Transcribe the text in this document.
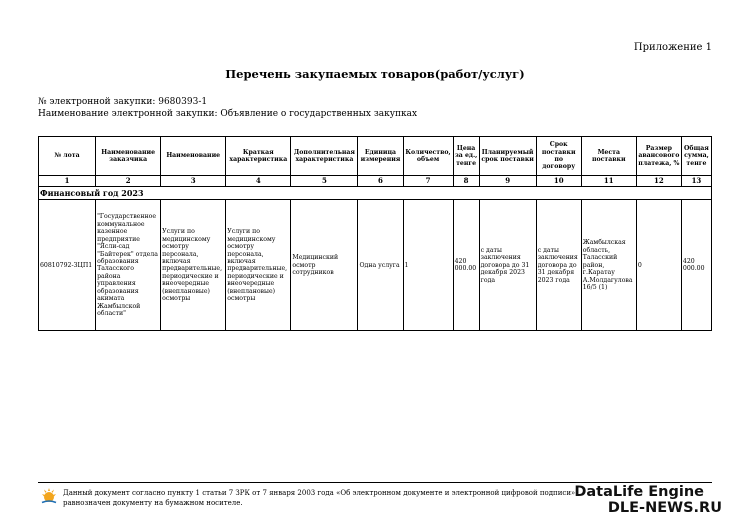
Приложение 1
Перечень закупаемых товаров(работ/услуг)
№ электронной закупки: 9680393-1
Наименование электронной закупки: Объявление о государственных закупках
№ лота	Наименование заказчика	Наименование	Краткая характеристика	Дополнительная характеристика	Единица измерения	Количество, объем	Цена за ед., тенге	Планируемый срок поставки	Срок поставки по договору	Места поставки	Размер авансового платежа, %	Общая сумма, тенге
1	2	3	4	5	6	7	8	9	10	11	12	13
Финансовый год 2023												
60810792-ЗЦП1	"Государственное коммунальное казенное предприятие "Ясли-сад "Байтерек" отдела образования Таласского района управления образования акимата Жамбылской области"	Услуги по медицинскому осмотру персонала, включая предварительные, периодические и внеочередные (внеплановые) осмотры	Услуги по медицинскому осмотру персонала, включая предварительные, периодические и внеочередные (внеплановые) осмотры	Медицинский осмотр сотрудников	Одна услуга	1	420 000.00	с даты заключения договора до 31 декабря 2023 года	с даты заключения договора до 31 декабря 2023 года	Жамбылская область, Таласский район, г.Каратау А.Молдагулова 16/5 (1)	0	420 000.00
Данный документ согласно пункту 1 статьи 7 ЗРК от 7 января 2003 года «Об электронном документе и электронной цифровой подписи» равнозначен документу на бумажном носителе.
DataLife Engine
DLE-NEWS.RU
